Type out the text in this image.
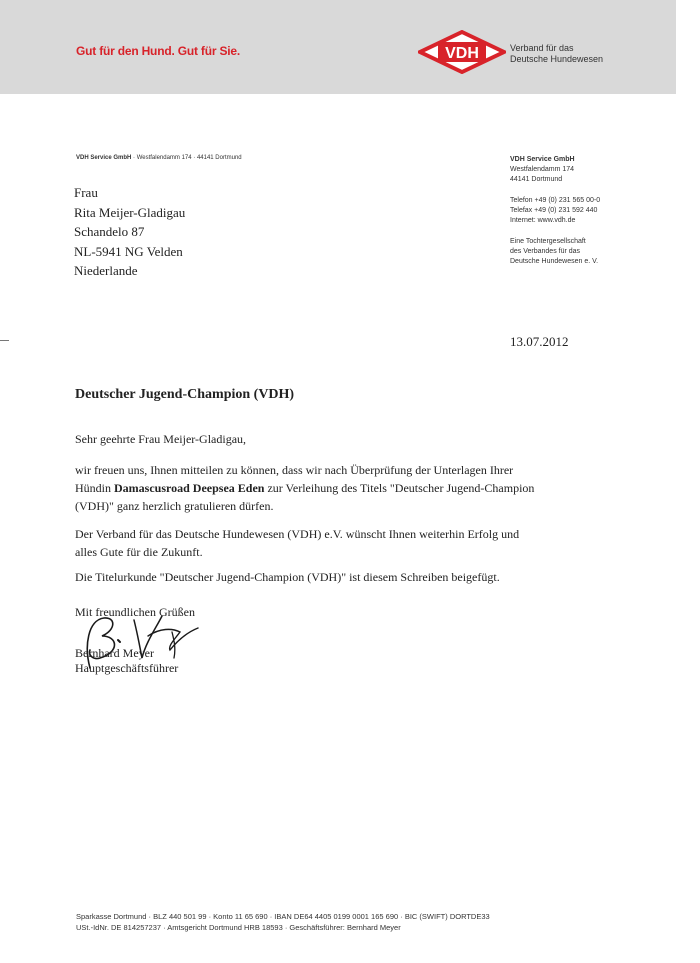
Gut für den Hund. Gut für Sie.	VDH	Verband für das
Deutsche Hundewesen
VDH Service GmbH · Westfalendamm 174 · 44141 Dortmund
Frau
Rita Meijer-Gladigau
Schandelo 87
NL-5941 NG Velden
Niederlande
VDH Service GmbH
Westfalendamm 174
44141 Dortmund
Telefon +49 (0) 231 565 00-0
Telefax +49 (0) 231 592 440
Internet: www.vdh.de
Eine Tochtergesellschaft
des Verbandes für das
Deutsche Hundewesen e. V.
13.07.2012
Deutscher Jugend-Champion (VDH)
Sehr geehrte Frau Meijer-Gladigau,
wir freuen uns, Ihnen mitteilen zu können, dass wir nach Überprüfung der Unterlagen Ihrer
Hündin Damascusroad Deepsea Eden zur Verleihung des Titels "Deutscher Jugend-Champion
(VDH)" ganz herzlich gratulieren dürfen.
Der Verband für das Deutsche Hundewesen (VDH) e.V. wünscht Ihnen weiterhin Erfolg und
alles Gute für die Zukunft.
Die Titelurkunde "Deutscher Jugend-Champion (VDH)" ist diesem Schreiben beigefügt.
Mit freundlichen Grüßen
Bernhard Meyer
Hauptgeschäftsführer
Sparkasse Dortmund · BLZ 440 501 99 · Konto 11 65 690 · IBAN DE64 4405 0199 0001 165 690 · BIC (SWIFT) DORTDE33
USt.-IdNr. DE 814257237 · Amtsgericht Dortmund HRB 18593 · Geschäftsführer: Bernhard Meyer
